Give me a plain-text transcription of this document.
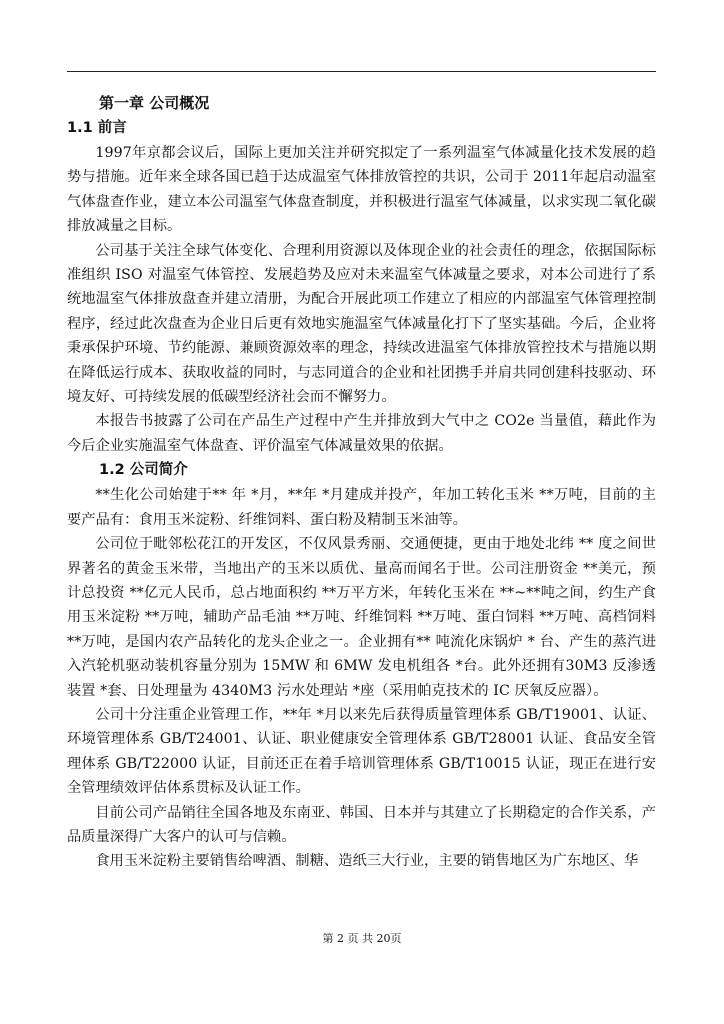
第一章 公司概况
1.1 前言

1997年京都会议后，国际上更加关注并研究拟定了一系列温室气体减量化技术发展的趋势与措施。近年来全球各国已趋于达成温室气体排放管控的共识，公司于 2011年起启动温室气体盘查作业，建立本公司温室气体盘查制度，并积极进行温室气体减量，以求实现二氧化碳排放减量之目标。

公司基于关注全球气体变化、合理利用资源以及体现企业的社会责任的理念，依据国际标准组织 ISO 对温室气体管控、发展趋势及应对未来温室气体减量之要求，对本公司进行了系统地温室气体排放盘查并建立清册，为配合开展此项工作建立了相应的内部温室气体管理控制程序，经过此次盘查为企业日后更有效地实施温室气体减量化打下了坚实基础。今后，企业将秉承保护环境、节约能源、兼顾资源效率的理念，持续改进温室气体排放管控技术与措施以期在降低运行成本、获取收益的同时，与志同道合的企业和社团携手并肩共同创建科技驱动、环境友好、可持续发展的低碳型经济社会而不懈努力。

本报告书披露了公司在产品生产过程中产生并排放到大气中之 CO2e 当量值，藉此作为今后企业实施温室气体盘查、评价温室气体减量效果的依据。

1.2 公司简介

**生化公司始建于** 年 *月，**年 *月建成并投产，年加工转化玉米 **万吨，目前的主要产品有：食用玉米淀粉、纤维饲料、蛋白粉及精制玉米油等。

公司位于毗邻松花江的开发区，不仅风景秀丽、交通便捷，更由于地处北纬 ** 度之间世界著名的黄金玉米带，当地出产的玉米以质优、量高而闻名于世。公司注册资金 **美元，预计总投资 **亿元人民币，总占地面积约 **万平方米，年转化玉米在 **~**吨之间，约生产食用玉米淀粉 **万吨，辅助产品毛油 **万吨、纤维饲料 **万吨、蛋白饲料 **万吨、高档饲料**万吨，是国内农产品转化的龙头企业之一。企业拥有** 吨流化床锅炉 * 台、产生的蒸汽进入汽轮机驱动装机容量分别为 15MW 和 6MW 发电机组各 *台。此外还拥有30M3 反渗透装置 *套、日处理量为 4340M3 污水处理站 *座（采用帕克技术的 IC 厌氧反应器）。

公司十分注重企业管理工作，**年 *月以来先后获得质量管理体系 GB/T19001、认证、环境管理体系 GB/T24001、认证、职业健康安全管理体系 GB/T28001 认证、食品安全管理体系 GB/T22000 认证，目前还正在着手培训管理体系 GB/T10015 认证，现正在进行安全管理绩效评估体系贯标及认证工作。

目前公司产品销往全国各地及东南亚、韩国、日本并与其建立了长期稳定的合作关系，产品质量深得广大客户的认可与信赖。

食用玉米淀粉主要销售给啤酒、制糖、造纸三大行业，主要的销售地区为广东地区、华

第 2 页 共 20页
